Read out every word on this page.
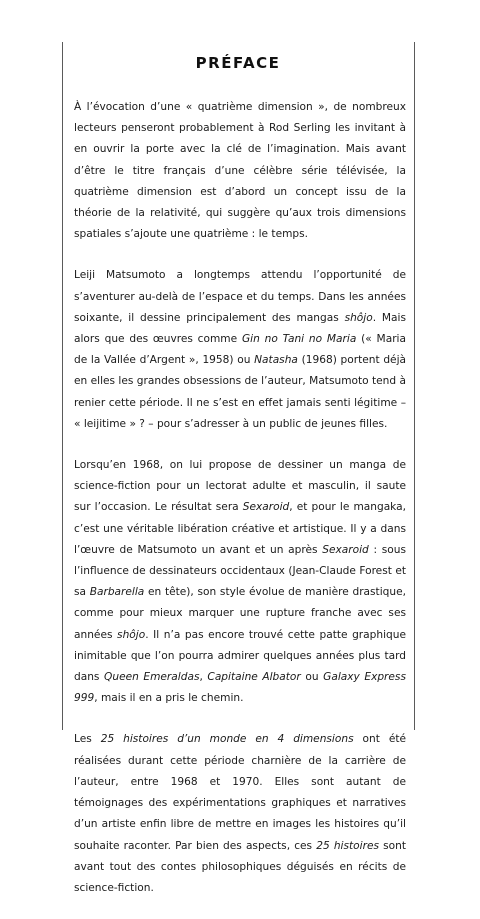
PRÉFACE

À l’évocation d’une « quatrième dimension », de nombreux lecteurs penseront probablement à Rod Serling les invitant à en ouvrir la porte avec la clé de l’imagination. Mais avant d’être le titre français d’une célèbre série télévisée, la quatrième dimension est d’abord un concept issu de la théorie de la relativité, qui suggère qu’aux trois dimensions spatiales s’ajoute une quatrième : le temps.

Leiji Matsumoto a longtemps attendu l’opportunité de s’aventurer au-delà de l’espace et du temps. Dans les années soixante, il dessine principalement des mangas shôjo. Mais alors que des œuvres comme Gin no Tani no Maria (« Maria de la Vallée d’Argent », 1958) ou Natasha (1968) portent déjà en elles les grandes obsessions de l’auteur, Matsumoto tend à renier cette période. Il ne s’est en effet jamais senti légitime – « leijitime » ? – pour s’adresser à un public de jeunes filles.

Lorsqu’en 1968, on lui propose de dessiner un manga de science-fiction pour un lectorat adulte et masculin, il saute sur l’occasion. Le résultat sera Sexaroid, et pour le mangaka, c’est une véritable libération créative et artistique. Il y a dans l’œuvre de Matsumoto un avant et un après Sexaroid : sous l’influence de dessinateurs occidentaux (Jean-Claude Forest et sa Barbarella en tête), son style évolue de manière drastique, comme pour mieux marquer une rupture franche avec ses années shôjo. Il n’a pas encore trouvé cette patte graphique inimitable que l’on pourra admirer quelques années plus tard dans Queen Emeraldas, Capitaine Albator ou Galaxy Express 999, mais il en a pris le chemin.

Les 25 histoires d’un monde en 4 dimensions ont été réalisées durant cette période charnière de la carrière de l’auteur, entre 1968 et 1970. Elles sont autant de témoignages des expérimentations graphiques et narratives d’un artiste enfin libre de mettre en images les histoires qu’il souhaite raconter. Par bien des aspects, ces 25 histoires sont avant tout des contes philosophiques déguisés en récits de science-fiction.
